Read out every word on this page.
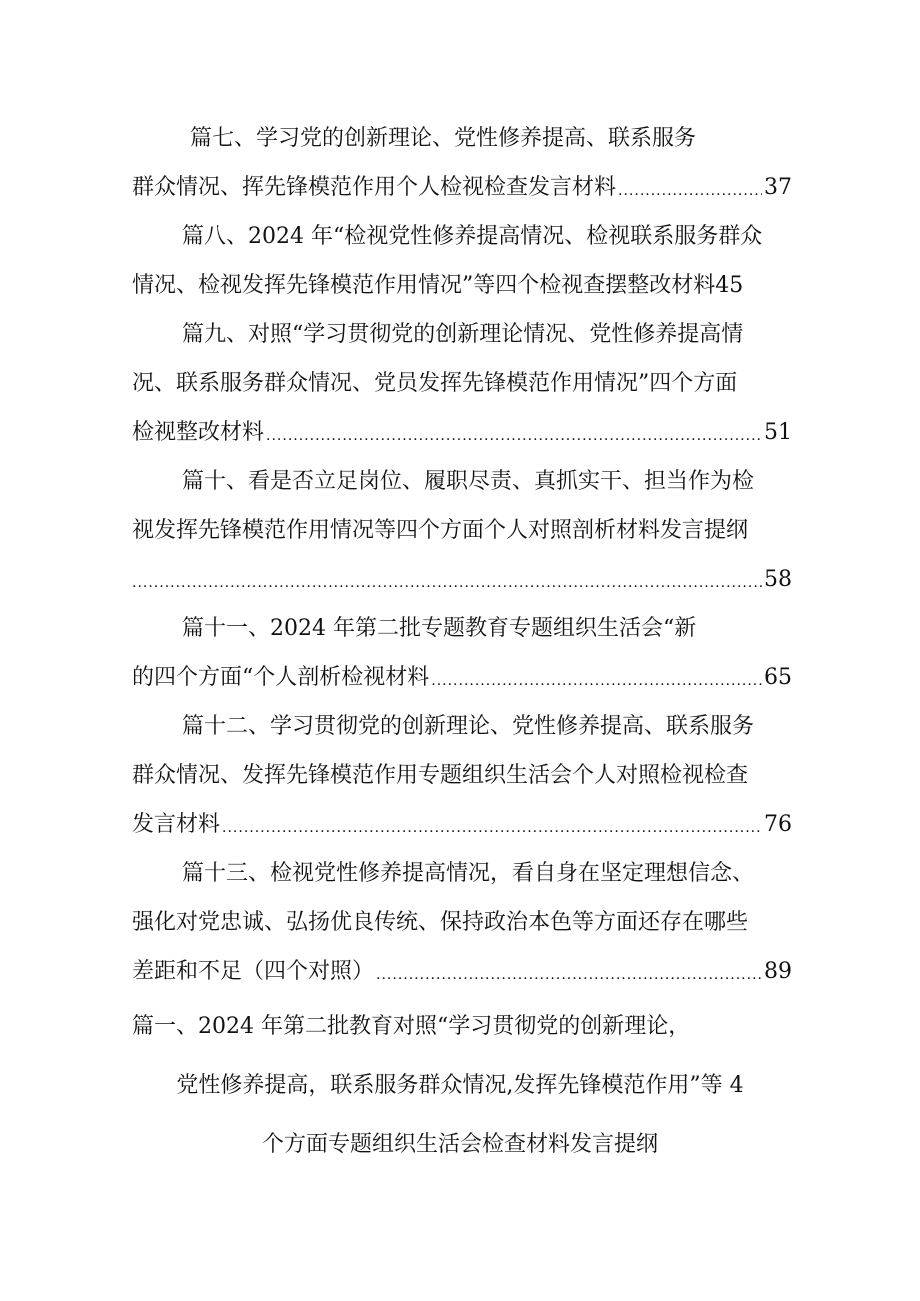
篇七、学习党的创新理论、党性修养提高、联系服务
群众情况、挥先锋模范作用个人检视检查发言材料 .....	37
篇八、2024 年“检视党性修养提高情况、检视联系服务群众
情况、检视发挥先锋模范作用情况”等四个检视查摆整改材料 45
篇九、对照“学习贯彻党的创新理论情况、党性修养提高情
况、联系服务群众情况、党员发挥先锋模范作用情况”四个方面
检视整改材料 .....	51
篇十、看是否立足岗位、履职尽责、真抓实干、担当作为检
视发挥先锋模范作用情况等四个方面个人对照剖析材料发言提纲
.....
58
篇十一、2024 年第二批专题教育专题组织生活会“新
的四个方面“个人剖析检视材料 .....	65
篇十二、学习贯彻党的创新理论、党性修养提高、联系服务
群众情况、发挥先锋模范作用专题组织生活会个人对照检视检查
发言材料 .....	76
篇十三、检视党性修养提高情况，看自身在坚定理想信念、
强化对党忠诚、弘扬优良传统、保持政治本色等方面还存在哪些
差距和不足（四个对照） .....	89
篇一、2024 年第二批教育对照“学习贯彻党的创新理论，
党性修养提高，联系服务群众情况,发挥先锋模范作用”等 4
个方面专题组织生活会检查材料发言提纲
